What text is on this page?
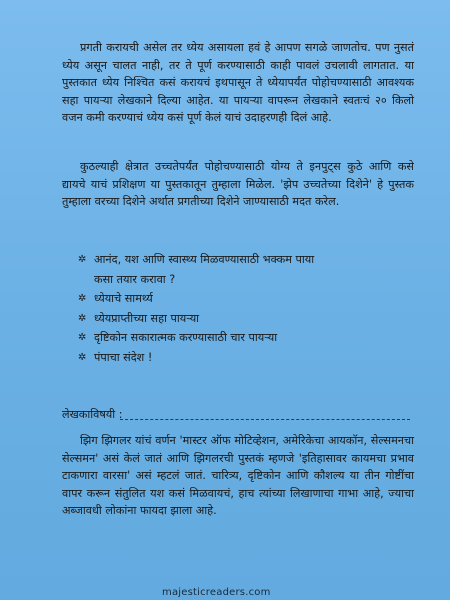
प्रगती करायची असेल तर ध्येय असायला हवं हे आपण सगळे जाणतोच. पण नुसतं ध्येय असून चालत नाही, तर ते पूर्ण करण्यासाठी काही पावलं उचलावी लागतात. या पुस्तकात ध्येय निश्चित कसं करायचं इथपासून ते ध्येयापर्यंत पोहोचण्यासाठी आवश्यक सहा पायऱ्या लेखकाने दिल्या आहेत. या पायऱ्या वापरून लेखकाने स्वतःचं २० किलो वजन कमी करण्याचं ध्येय कसं पूर्ण केलं याचं उदाहरणही दिलं आहे.

कुठल्याही क्षेत्रात उच्चतेपर्यंत पोहोचण्यासाठी योग्य ते इनपुट्स कुठे आणि कसे द्यायचे याचं प्रशिक्षण या पुस्तकातून तुम्हाला मिळेल. 'झेप उच्चतेच्या दिशेने' हे पुस्तक तुम्हाला वरच्या दिशेने अर्थात प्रगतीच्या दिशेने जाण्यासाठी मदत करेल.

✲ आनंद, यश आणि स्वास्थ्य मिळवण्यासाठी भक्कम पाया
कसा तयार करावा ?
✲ ध्येयाचे सामर्थ्य
✲ ध्येयप्राप्तीच्या सहा पायऱ्या
✲ दृष्टिकोन सकारात्मक करण्यासाठी चार पायऱ्या
✲ पंपाचा संदेश !

लेखकाविषयी :

झिग झिगलर यांचं वर्णन 'मास्टर ऑफ मोटिव्हेशन, अमेरिकेचा आयकॉन, सेल्समनचा सेल्समन' असं केलं जातं आणि झिगलरची पुस्तकं म्हणजे 'इतिहासावर कायमचा प्रभाव टाकणारा वारसा' असं म्हटलं जातं. चारित्र्य, दृष्टिकोन आणि कौशल्य या तीन गोष्टींचा वापर करून संतुलित यश कसं मिळवायचं, हाच त्यांच्या लिखाणाचा गाभा आहे, ज्याचा अब्जावधी लोकांना फायदा झाला आहे.

majesticreaders.com
